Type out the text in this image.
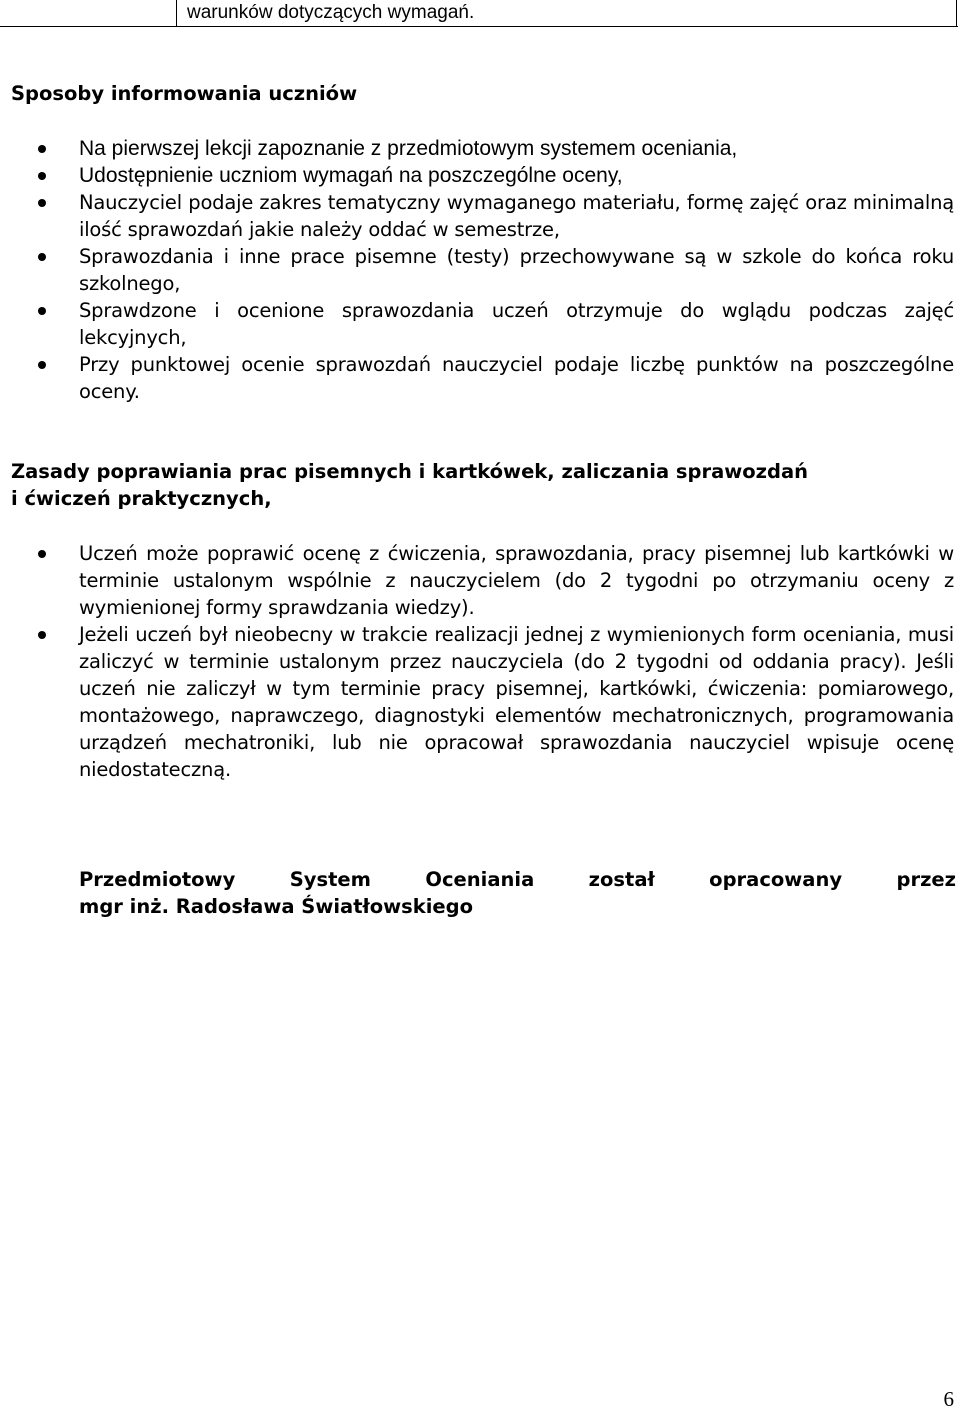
warunków dotyczących wymagań.
Sposoby informowania uczniów
Na pierwszej lekcji zapoznanie z przedmiotowym systemem oceniania,
Udostępnienie uczniom wymagań na poszczególne oceny,
Nauczyciel podaje zakres tematyczny wymaganego materiału, formę zajęć oraz minimalną ilość sprawozdań jakie należy oddać w semestrze,
Sprawozdania i inne prace pisemne (testy) przechowywane są w szkole do końca roku szkolnego,
Sprawdzone i ocenione sprawozdania uczeń otrzymuje do wglądu podczas zajęć lekcyjnych,
Przy punktowej ocenie sprawozdań nauczyciel podaje liczbę punktów na poszczególne oceny.
Zasady poprawiania prac pisemnych i kartkówek, zaliczania sprawozdań
i ćwiczeń praktycznych,
Uczeń może poprawić ocenę z ćwiczenia, sprawozdania, pracy pisemnej lub kartkówki w terminie ustalonym wspólnie z nauczycielem (do 2 tygodni po otrzymaniu oceny z wymienionej formy sprawdzania wiedzy).
Jeżeli uczeń był nieobecny w trakcie realizacji jednej z wymienionych form oceniania, musi zaliczyć w terminie ustalonym przez nauczyciela (do 2 tygodni od oddania pracy). Jeśli uczeń nie zaliczył w tym terminie pracy pisemnej, kartkówki, ćwiczenia: pomiarowego, montażowego, naprawczego, diagnostyki elementów mechatronicznych, programowania urządzeń mechatroniki, lub nie opracował sprawozdania nauczyciel wpisuje ocenę niedostateczną.
Przedmiotowy System Oceniania został opracowany przez
mgr inż. Radosława Światłowskiego
6
